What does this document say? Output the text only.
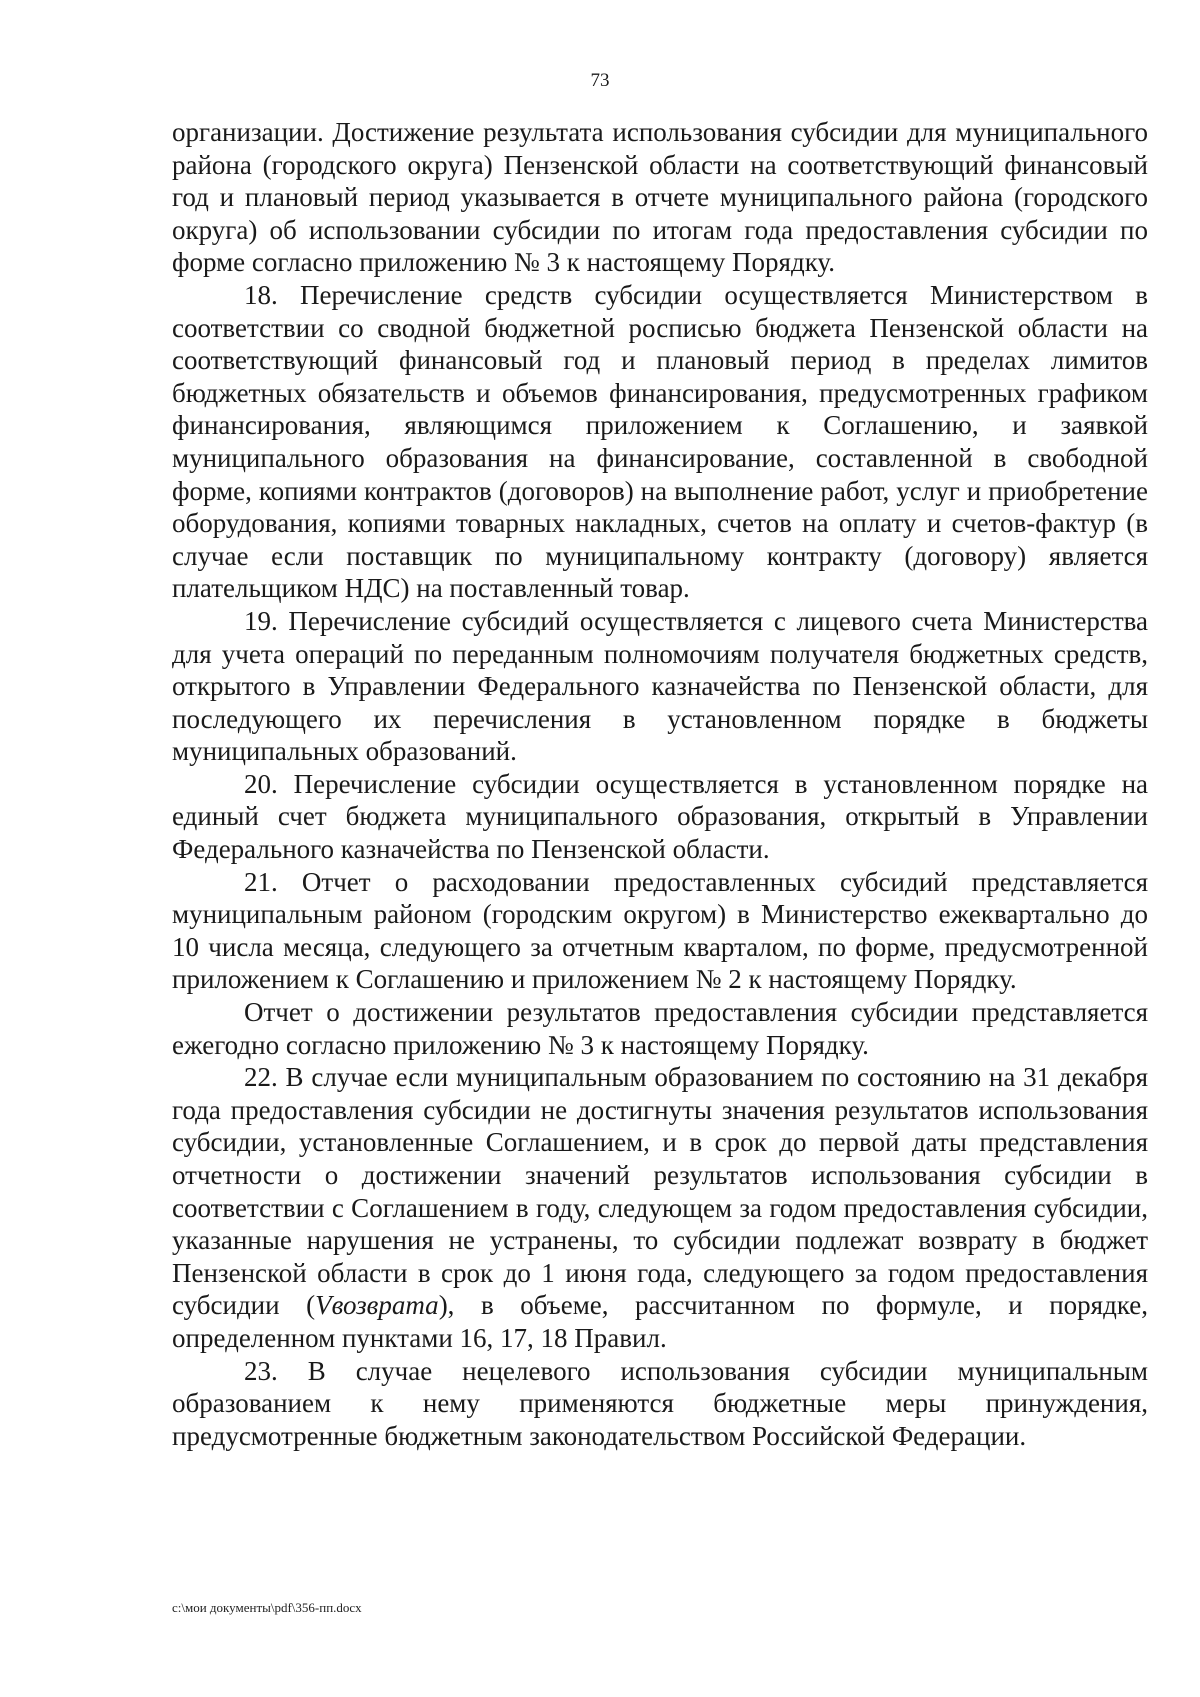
73

организации. Достижение результата использования субсидии для муниципального района (городского округа) Пензенской области на соответствующий финансовый год и плановый период указывается в отчете муниципального района (городского округа) об использовании субсидии по итогам года предоставления субсидии по форме согласно приложению № 3 к настоящему Порядку.

18. Перечисление средств субсидии осуществляется Министерством в соответствии со сводной бюджетной росписью бюджета Пензенской области на соответствующий финансовый год и плановый период в пределах лимитов бюджетных обязательств и объемов финансирования, предусмотренных графиком финансирования, являющимся приложением к Соглашению, и заявкой муниципального образования на финансирование, составленной в свободной форме, копиями контрактов (договоров) на выполнение работ, услуг и приобретение оборудования, копиями товарных накладных, счетов на оплату и счетов-фактур (в случае если поставщик по муниципальному контракту (договору) является плательщиком НДС) на поставленный товар.

19. Перечисление субсидий осуществляется с лицевого счета Министерства для учета операций по переданным полномочиям получателя бюджетных средств, открытого в Управлении Федерального казначейства по Пензенской области, для последующего их перечисления в установленном порядке в бюджеты муниципальных образований.

20. Перечисление субсидии осуществляется в установленном порядке на единый счет бюджета муниципального образования, открытый в Управлении Федерального казначейства по Пензенской области.

21. Отчет о расходовании предоставленных субсидий представляется муниципальным районом (городским округом) в Министерство ежеквартально до 10 числа месяца, следующего за отчетным кварталом, по форме, предусмотренной приложением к Соглашению и приложением № 2 к настоящему Порядку.

Отчет о достижении результатов предоставления субсидии представляется ежегодно согласно приложению № 3 к настоящему Порядку.

22. В случае если муниципальным образованием по состоянию на 31 декабря года предоставления субсидии не достигнуты значения результатов использования субсидии, установленные Соглашением, и в срок до первой даты представления отчетности о достижении значений результатов использования субсидии в соответствии с Соглашением в году, следующем за годом предоставления субсидии, указанные нарушения не устранены, то субсидии подлежат возврату в бюджет Пензенской области в срок до 1 июня года, следующего за годом предоставления субсидии (Vвозврата), в объеме, рассчитанном по формуле, и порядке, определенном пунктами 16, 17, 18 Правил.

23. В случае нецелевого использования субсидии муниципальным образованием к нему применяются бюджетные меры принуждения, предусмотренные бюджетным законодательством Российской Федерации.

c:\мои документы\pdf\356-пп.docx
